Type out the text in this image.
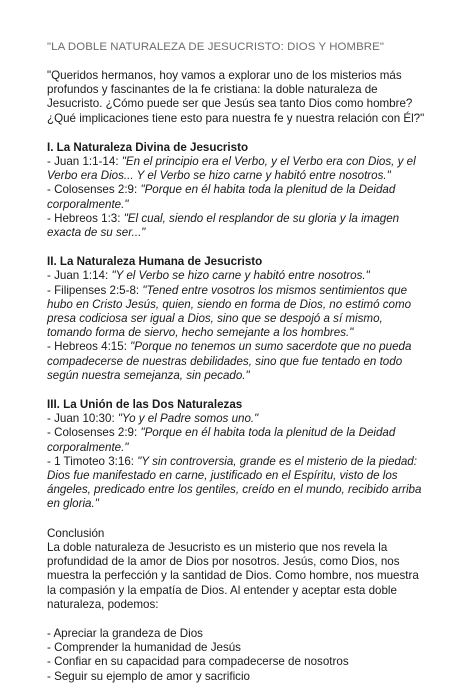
"LA DOBLE NATURALEZA DE JESUCRISTO: DIOS Y HOMBRE"

"Queridos hermanos, hoy vamos a explorar uno de los misterios más profundos y fascinantes de la fe cristiana: la doble naturaleza de Jesucristo. ¿Cómo puede ser que Jesús sea tanto Dios como hombre? ¿Qué implicaciones tiene esto para nuestra fe y nuestra relación con Él?"

I. La Naturaleza Divina de Jesucristo

- Juan 1:1-14: "En el principio era el Verbo, y el Verbo era con Dios, y el Verbo era Dios... Y el Verbo se hizo carne y habitó entre nosotros."

- Colosenses 2:9: "Porque en él habita toda la plenitud de la Deidad corporalmente."

- Hebreos 1:3: "El cual, siendo el resplandor de su gloria y la imagen exacta de su ser..."

II. La Naturaleza Humana de Jesucristo

- Juan 1:14: "Y el Verbo se hizo carne y habitó entre nosotros."

- Filipenses 2:5-8: "Tened entre vosotros los mismos sentimientos que hubo en Cristo Jesús, quien, siendo en forma de Dios, no estimó como presa codiciosa ser igual a Dios, sino que se despojó a sí mismo, tomando forma de siervo, hecho semejante a los hombres."

- Hebreos 4:15: "Porque no tenemos un sumo sacerdote que no pueda compadecerse de nuestras debilidades, sino que fue tentado en todo según nuestra semejanza, sin pecado."

III. La Unión de las Dos Naturalezas

- Juan 10:30: "Yo y el Padre somos uno."

- Colosenses 2:9: "Porque en él habita toda la plenitud de la Deidad corporalmente."

- 1 Timoteo 3:16: "Y sin controversia, grande es el misterio de la piedad: Dios fue manifestado en carne, justificado en el Espíritu, visto de los ángeles, predicado entre los gentiles, creído en el mundo, recibido arriba en gloria."

Conclusión

La doble naturaleza de Jesucristo es un misterio que nos revela la profundidad de la amor de Dios por nosotros. Jesús, como Dios, nos muestra la perfección y la santidad de Dios. Como hombre, nos muestra la compasión y la empatía de Dios. Al entender y aceptar esta doble naturaleza, podemos:

- Apreciar la grandeza de Dios
- Comprender la humanidad de Jesús
- Confiar en su capacidad para compadecerse de nosotros
- Seguir su ejemplo de amor y sacrificio
